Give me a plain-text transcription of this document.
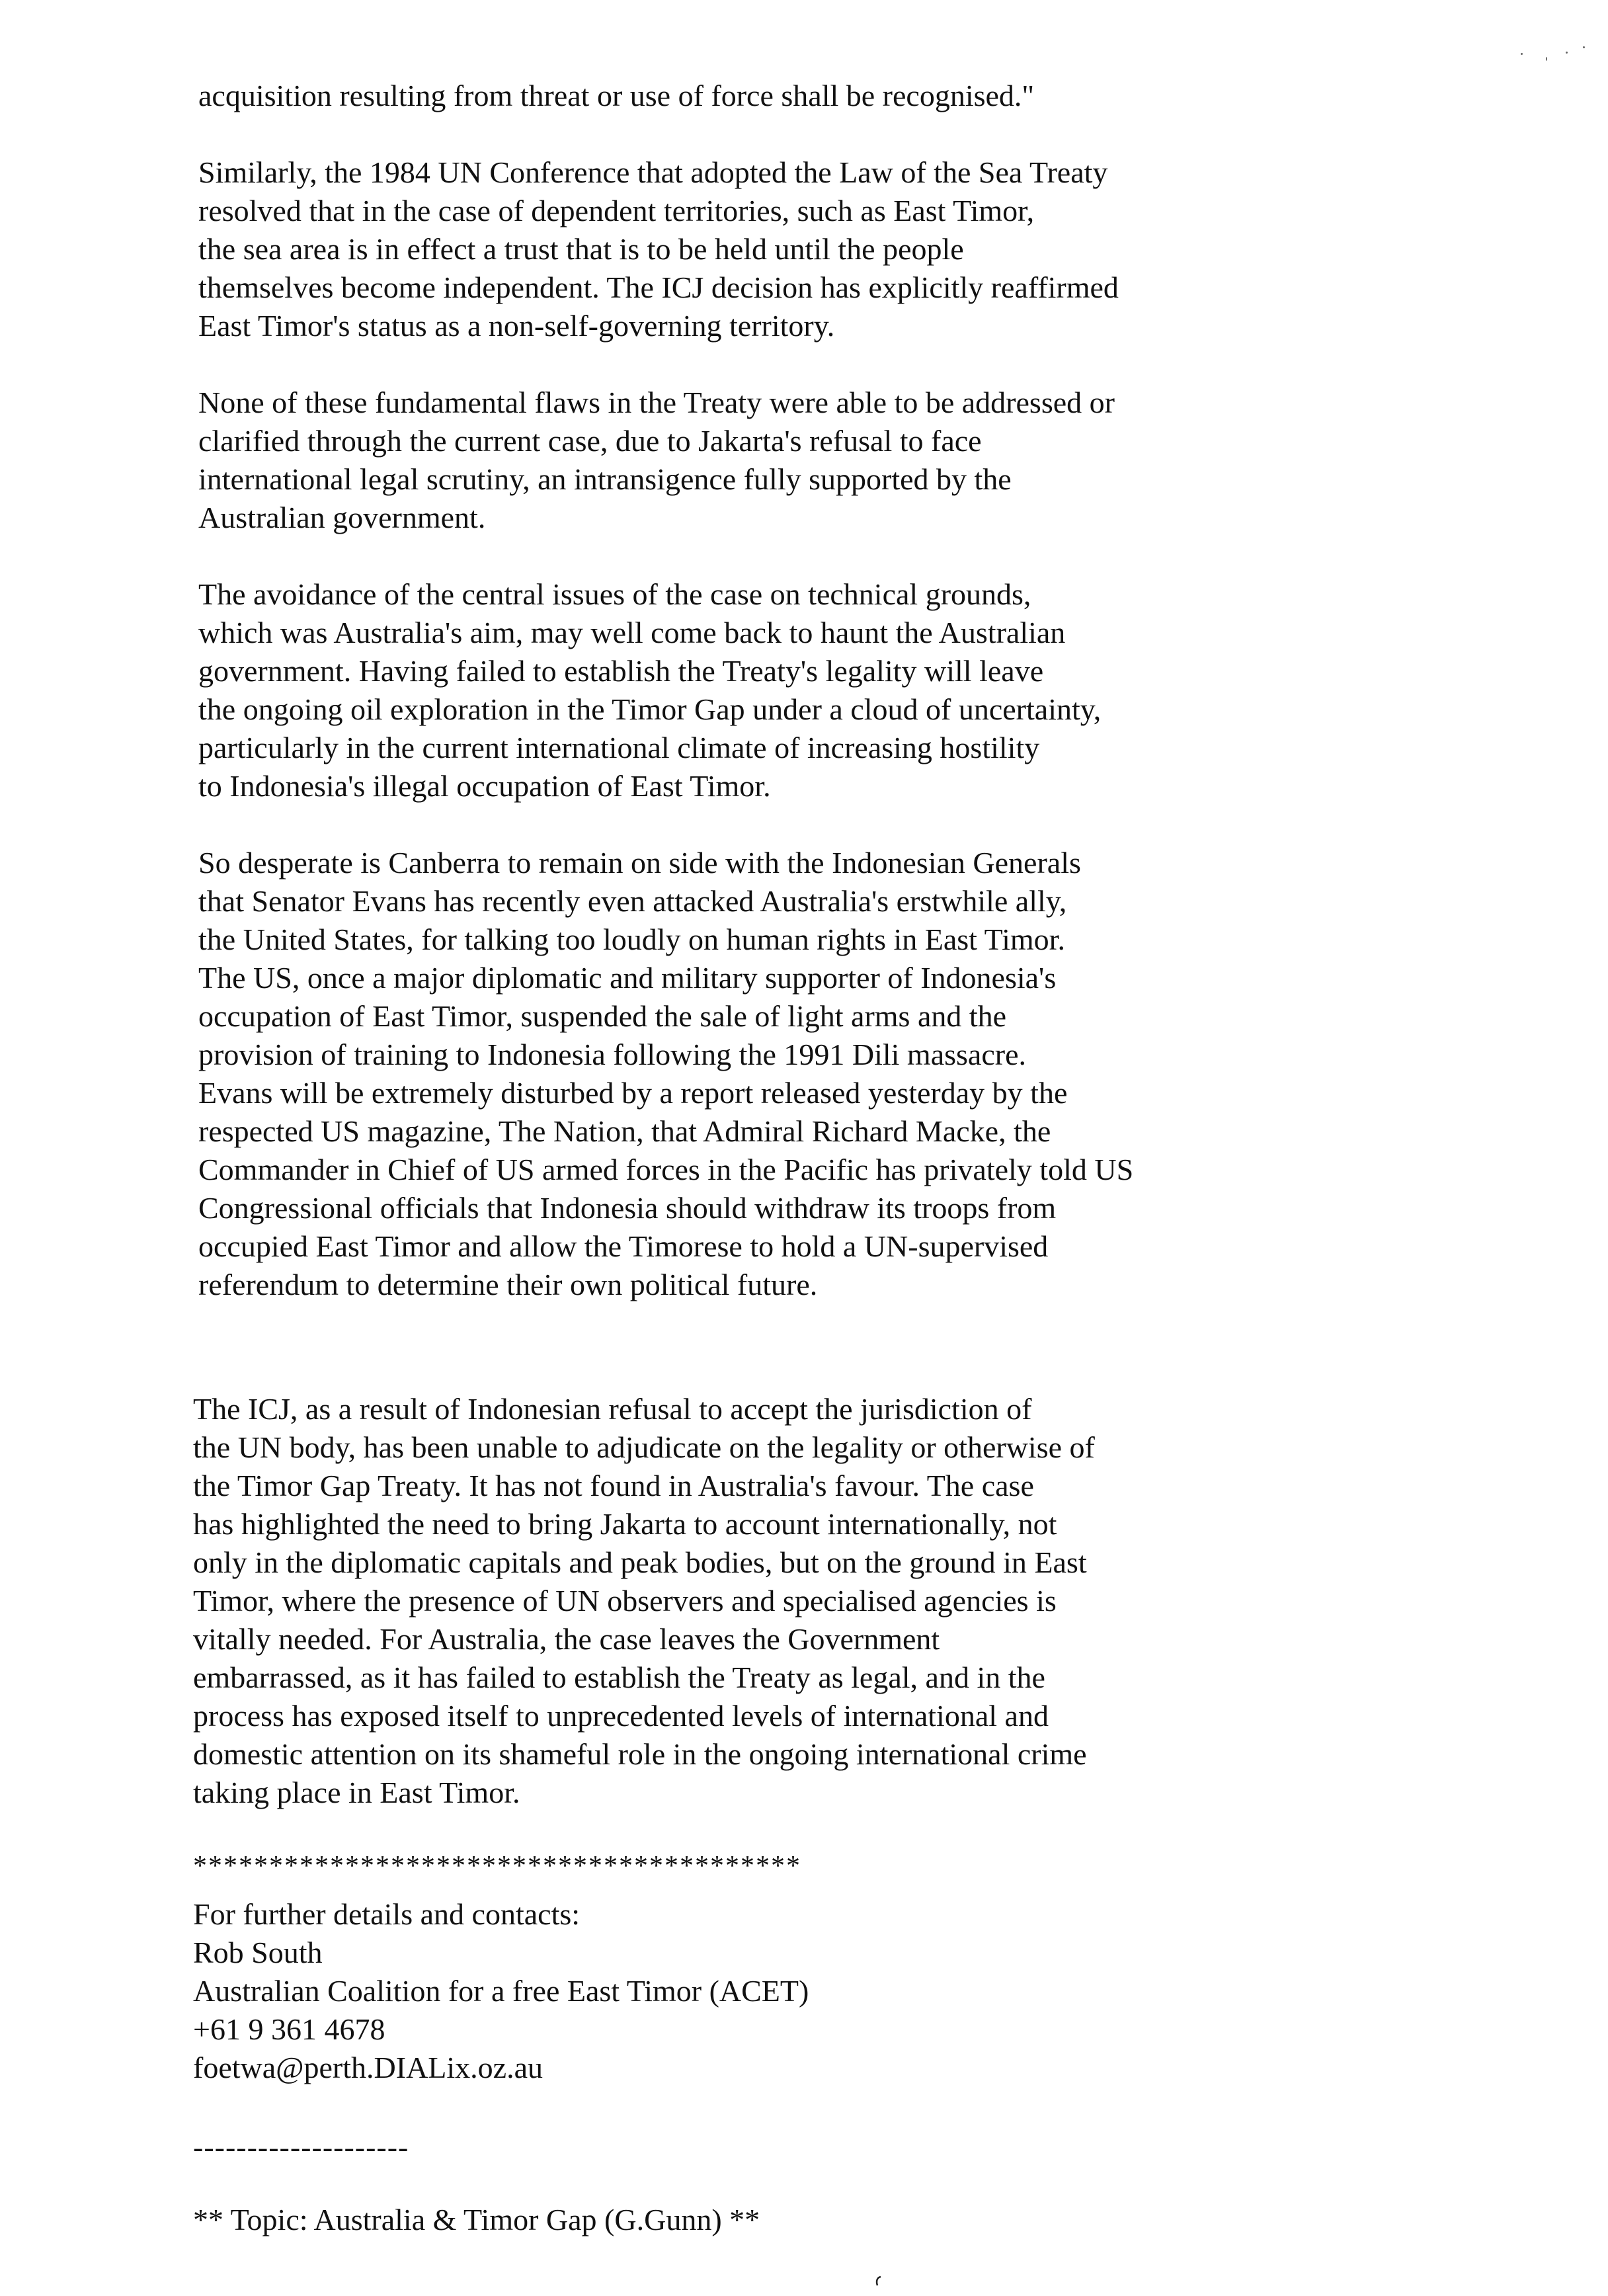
acquisition resulting from threat or use of force shall be recognised."

Similarly, the 1984 UN Conference that adopted the Law of the Sea Treaty

resolved that in the case of dependent territories, such as East Timor,

the sea area is in effect a trust that is to be held until the people

themselves become independent. The ICJ decision has explicitly reaffirmed

East Timor's status as a non-self-governing territory.

None of these fundamental flaws in the Treaty were able to be addressed or

clarified through the current case, due to Jakarta's refusal to face

international legal scrutiny, an intransigence fully supported by the

Australian government.

The avoidance of the central issues of the case on technical grounds,

which was Australia's aim, may well come back to haunt the Australian

government. Having failed to establish the Treaty's legality will leave

the ongoing oil exploration in the Timor Gap under a cloud of uncertainty,

particularly in the current international climate of increasing hostility

to Indonesia's illegal occupation of East Timor.

So desperate is Canberra to remain on side with the Indonesian Generals

that Senator Evans has recently even attacked Australia's erstwhile ally,

the United States, for talking too loudly on human rights in East Timor.

The US, once a major diplomatic and military supporter of Indonesia's

occupation of East Timor, suspended the sale of light arms and the

provision of training to Indonesia following the 1991 Dili massacre.

Evans will be extremely disturbed by a report released yesterday by the

respected US magazine, The Nation, that Admiral Richard Macke, the

Commander in Chief of US armed forces in the Pacific has privately told US

Congressional officials that Indonesia should withdraw its troops from

occupied East Timor and allow the Timorese to hold a UN-supervised

referendum to determine their own political future.

The ICJ, as a result of Indonesian refusal to accept the jurisdiction of

the UN body, has been unable to adjudicate on the legality or otherwise of

the Timor Gap Treaty. It has not found in Australia's favour. The case

has highlighted the need to bring Jakarta to account internationally, not

only in the diplomatic capitals and peak bodies, but on the ground in East

Timor, where the presence of UN observers and specialised agencies is

vitally needed. For Australia, the case leaves the Government

embarrassed, as it has failed to establish the Treaty as legal, and in the

process has exposed itself to unprecedented levels of international and

domestic attention on its shameful role in the ongoing international crime

taking place in East Timor.

For further details and contacts:

Rob South

Australian Coalition for a free East Timor (ACET)

+61 9 361 4678

foetwa@perth.DIALix.oz.au

****************************************
--------------------
** Topic: Australia & Timor Gap (G.Gunn) **
